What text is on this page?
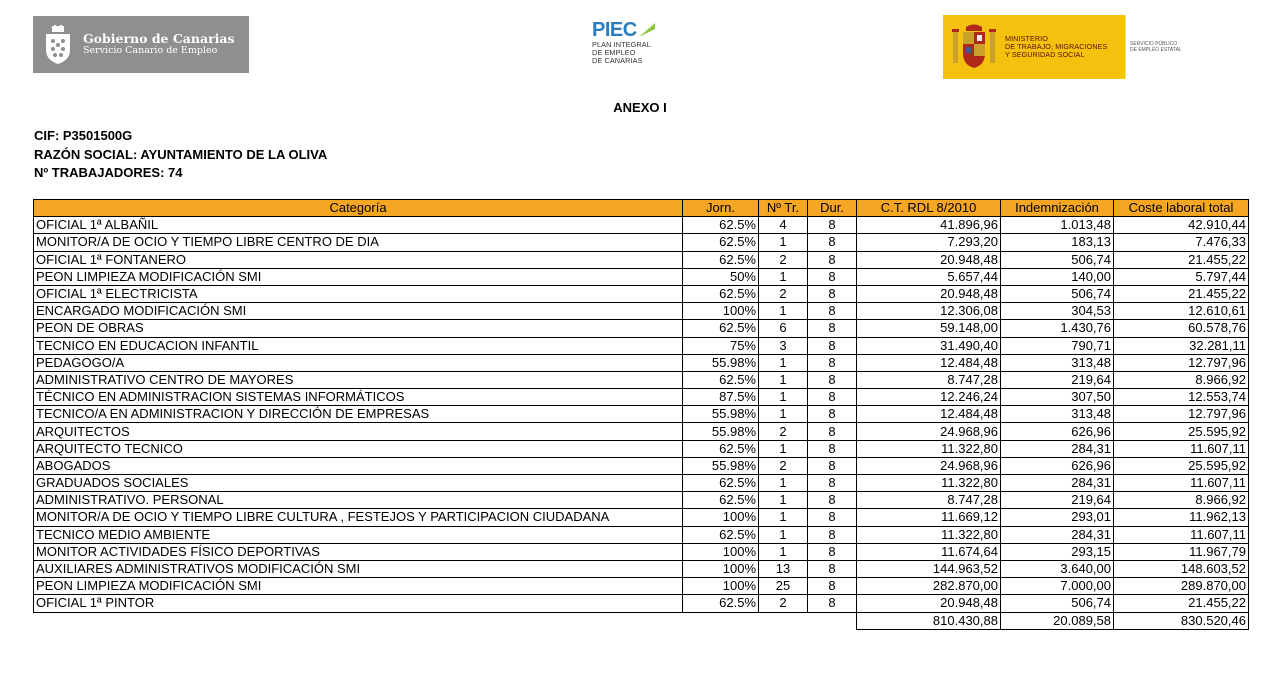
Gobierno de Canarias
Servicio Canario de Empleo
PIEC
PLAN INTEGRAL
DE EMPLEO
DE CANARIAS
MINISTERIO
DE TRABAJO, MIGRACIONES
Y SEGURIDAD SOCIAL
SERVICIO PÚBLICO
DE EMPLEO ESTATAL
ANEXO I
CIF: P3501500G
RAZÓN SOCIAL: AYUNTAMIENTO DE LA OLIVA
Nº TRABAJADORES: 74
Categoría	Jorn.	Nº Tr.	Dur.	C.T. RDL 8/2010	Indemnización	Coste laboral total
OFICIAL 1ª ALBAÑIL	62.5%	4	8	41.896,96	1.013,48	42.910,44
MONITOR/A DE OCIO Y TIEMPO LIBRE CENTRO DE DIA	62.5%	1	8	7.293,20	183,13	7.476,33
OFICIAL 1ª FONTANERO	62.5%	2	8	20.948,48	506,74	21.455,22
PEON LIMPIEZA MODIFICACIÓN SMI	50%	1	8	5.657,44	140,00	5.797,44
OFICIAL 1ª ELECTRICISTA	62.5%	2	8	20.948,48	506,74	21.455,22
ENCARGADO MODIFICACIÓN SMI	100%	1	8	12.306,08	304,53	12.610,61
PEON DE OBRAS	62.5%	6	8	59.148,00	1.430,76	60.578,76
TECNICO EN EDUCACION INFANTIL	75%	3	8	31.490,40	790,71	32.281,11
PEDAGOGO/A	55.98%	1	8	12.484,48	313,48	12.797,96
ADMINISTRATIVO CENTRO DE MAYORES	62.5%	1	8	8.747,28	219,64	8.966,92
TÉCNICO EN ADMINISTRACION SISTEMAS INFORMÁTICOS	87.5%	1	8	12.246,24	307,50	12.553,74
TECNICO/A EN ADMINISTRACION Y DIRECCIÓN DE EMPRESAS	55.98%	1	8	12.484,48	313,48	12.797,96
ARQUITECTOS	55.98%	2	8	24.968,96	626,96	25.595,92
ARQUITECTO TECNICO	62.5%	1	8	11.322,80	284,31	11.607,11
ABOGADOS	55.98%	2	8	24.968,96	626,96	25.595,92
GRADUADOS SOCIALES	62.5%	1	8	11.322,80	284,31	11.607,11
ADMINISTRATIVO. PERSONAL	62.5%	1	8	8.747,28	219,64	8.966,92
MONITOR/A DE OCIO Y TIEMPO LIBRE CULTURA , FESTEJOS Y PARTICIPACION CIUDADANA	100%	1	8	11.669,12	293,01	11.962,13
TECNICO MEDIO AMBIENTE	62.5%	1	8	11.322,80	284,31	11.607,11
MONITOR ACTIVIDADES FÍSICO DEPORTIVAS	100%	1	8	11.674,64	293,15	11.967,79
AUXILIARES ADMINISTRATIVOS MODIFICACIÓN SMI	100%	13	8	144.963,52	3.640,00	148.603,52
PEON LIMPIEZA MODIFICACIÓN SMI	100%	25	8	282.870,00	7.000,00	289.870,00
OFICIAL 1ª PINTOR	62.5%	2	8	20.948,48	506,74	21.455,22
				810.430,88	20.089,58	830.520,46
